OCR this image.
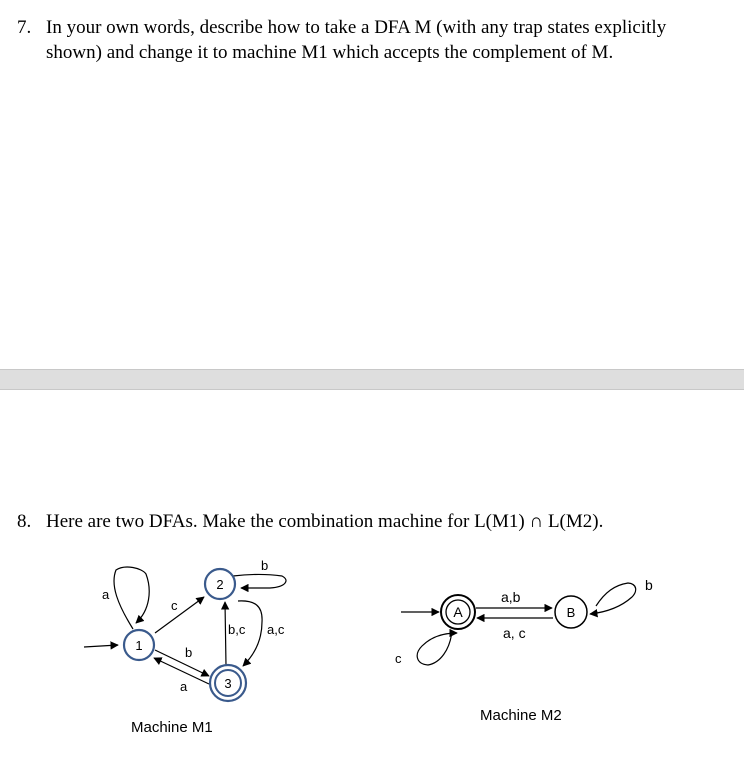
7. In your own words, describe how to take a DFA M (with any trap states explicitly
shown) and change it to machine M1 which accepts the complement of M.
8. Here are two DFAs. Make the combination machine for L(M1) ∩ L(M2).
1
2
3
a
c
b
a
b
b,c a,c
Machine M1
A	B
a,b
a, c
c
b
Machine M2
